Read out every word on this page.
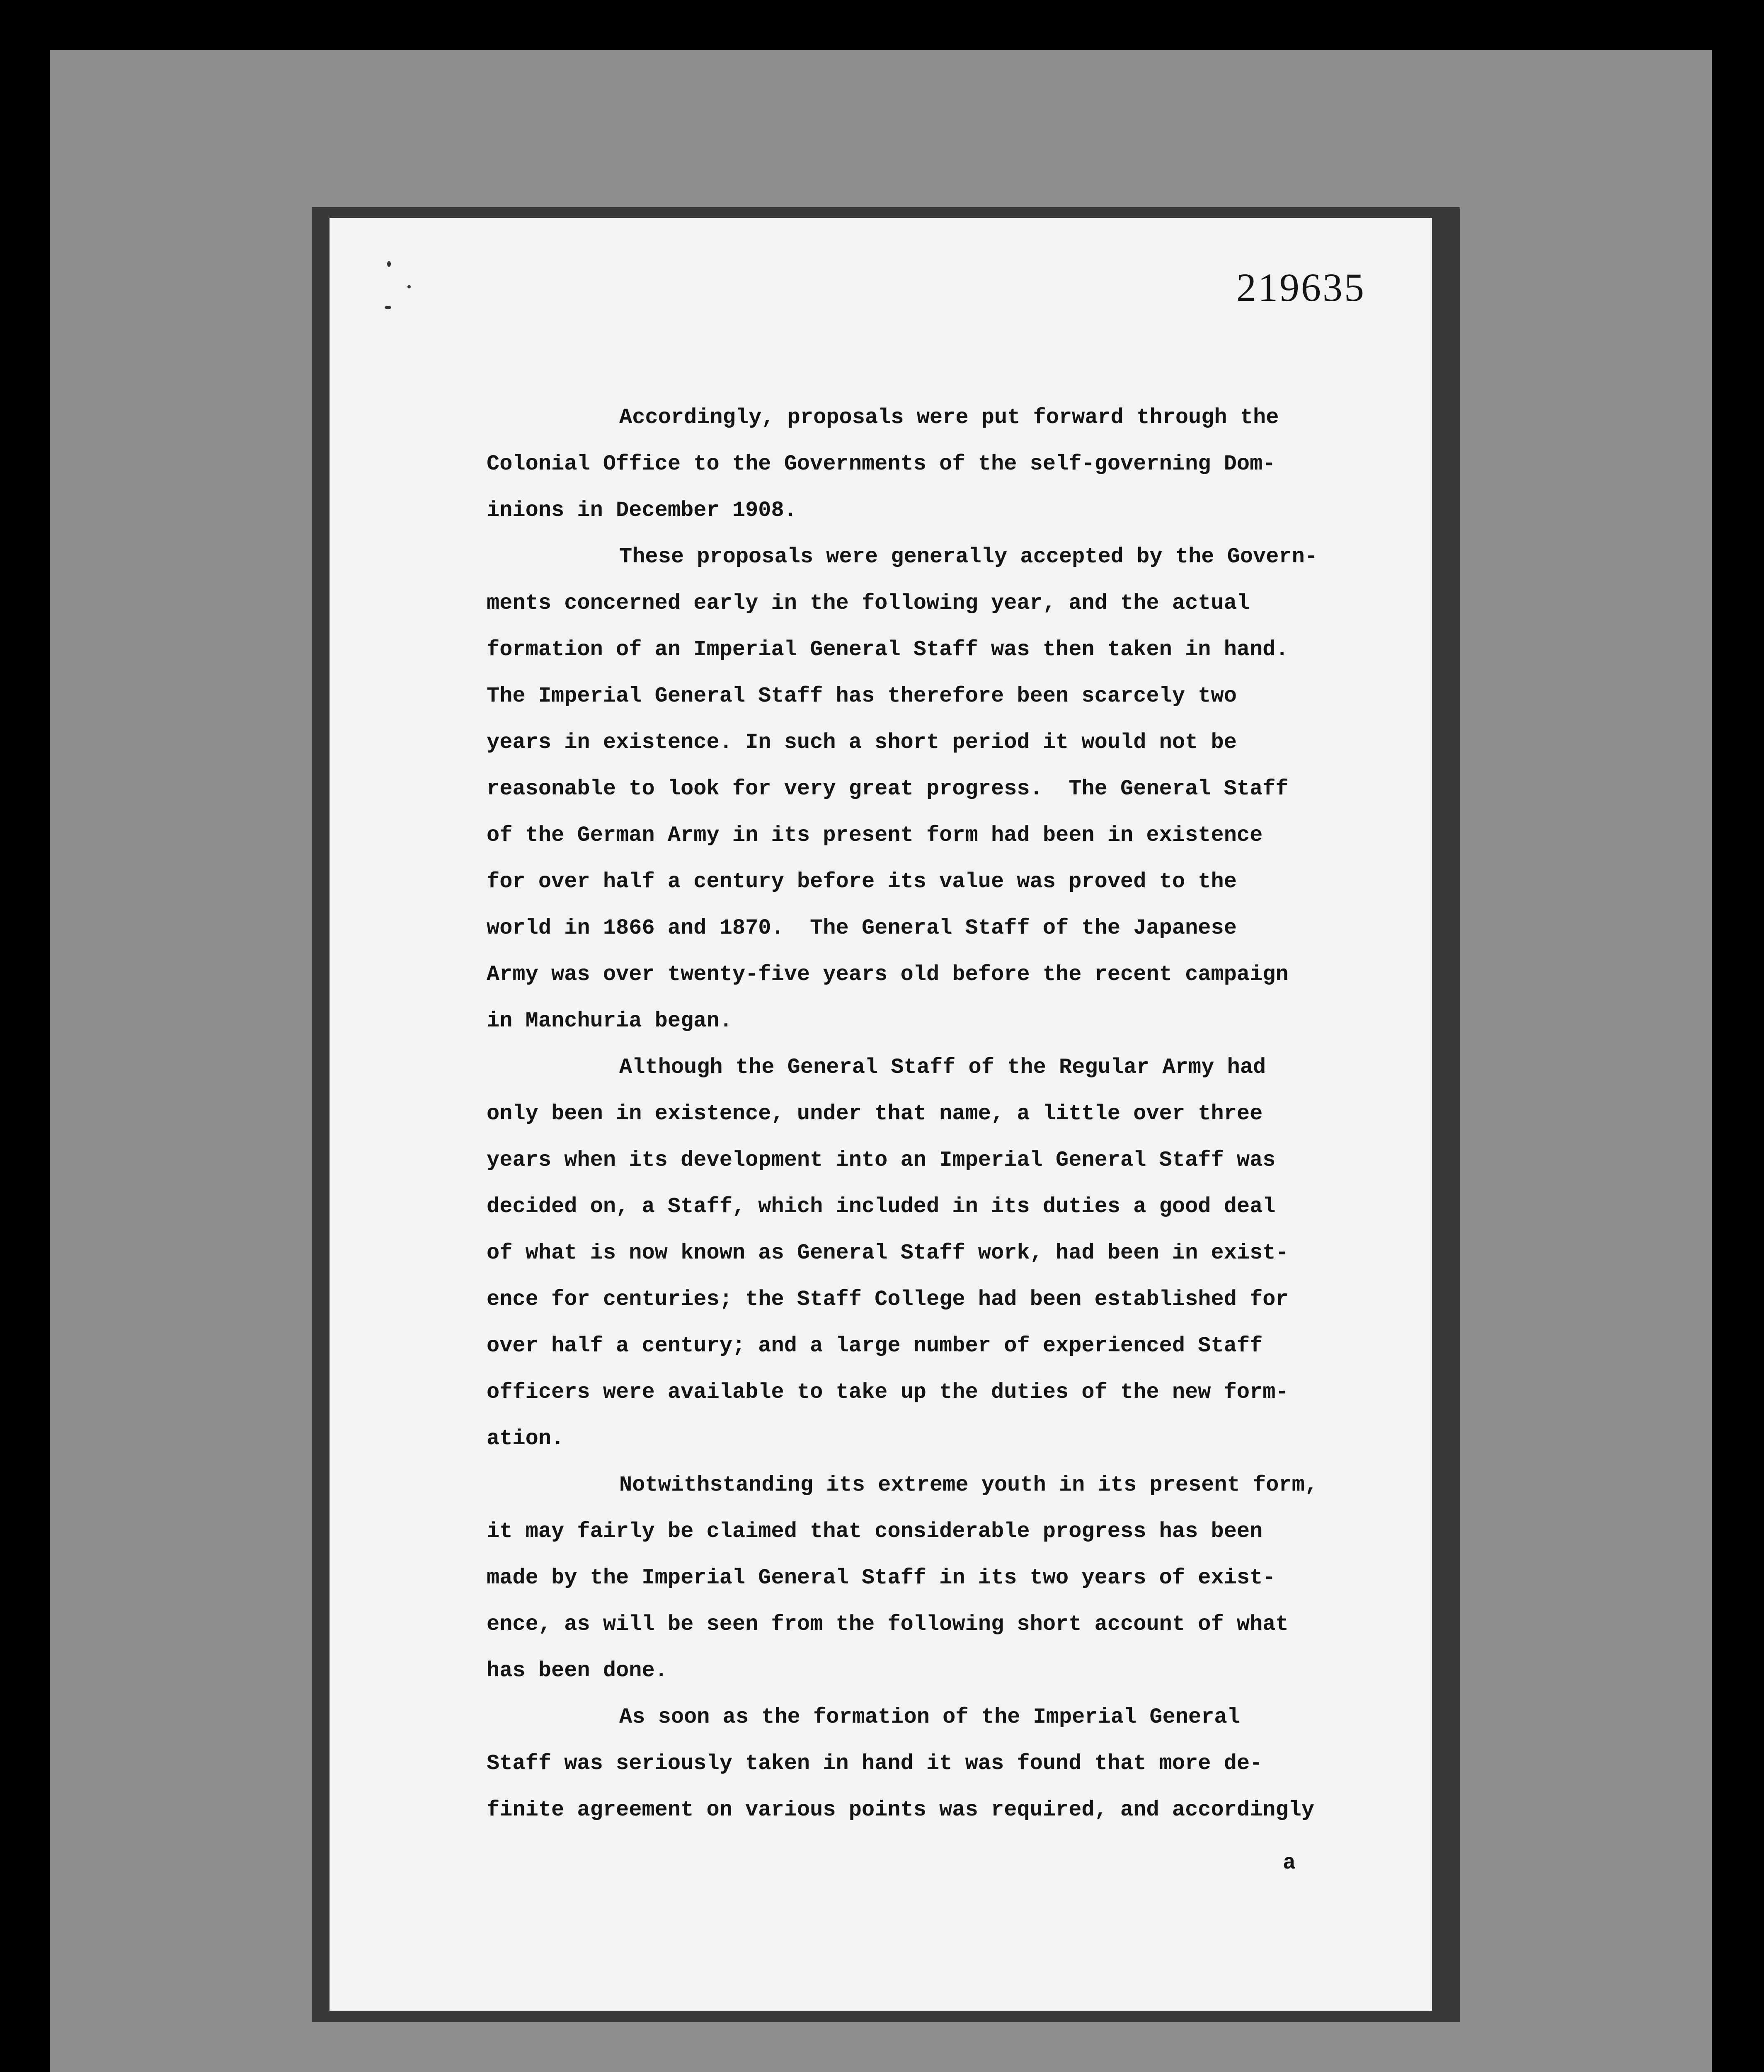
219635
Accordingly, proposals were put forward through the
Colonial Office to the Governments of the self-governing Dom-
inions in December 1908.
These proposals were generally accepted by the Govern-
ments concerned early in the following year, and the actual
formation of an Imperial General Staff was then taken in hand.
The Imperial General Staff has therefore been scarcely two
years in existence. In such a short period it would not be
reasonable to look for very great progress.  The General Staff
of the German Army in its present form had been in existence
for over half a century before its value was proved to the
world in 1866 and 1870.  The General Staff of the Japanese
Army was over twenty-five years old before the recent campaign
in Manchuria began.
Although the General Staff of the Regular Army had
only been in existence, under that name, a little over three
years when its development into an Imperial General Staff was
decided on, a Staff, which included in its duties a good deal
of what is now known as General Staff work, had been in exist-
ence for centuries; the Staff College had been established for
over half a century; and a large number of experienced Staff
officers were available to take up the duties of the new form-
ation.
Notwithstanding its extreme youth in its present form,
it may fairly be claimed that considerable progress has been
made by the Imperial General Staff in its two years of exist-
ence, as will be seen from the following short account of what
has been done.
As soon as the formation of the Imperial General
Staff was seriously taken in hand it was found that more de-
finite agreement on various points was required, and accordingly
a
